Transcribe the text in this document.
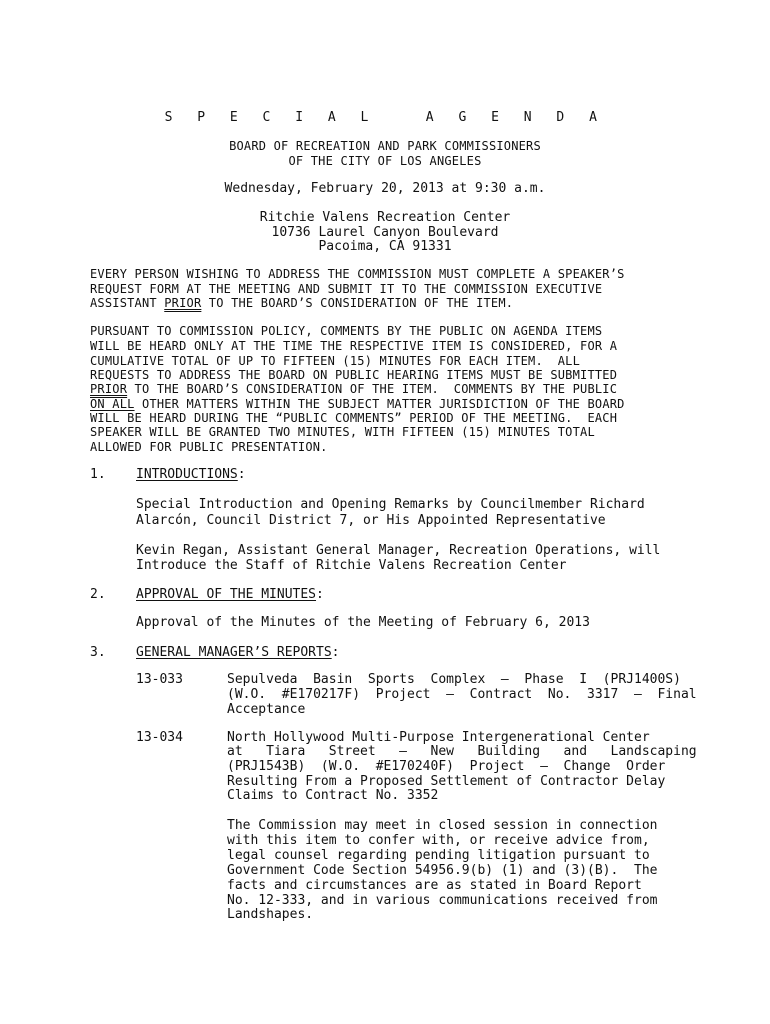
S P E C I A L   A G E N D A
BOARD OF RECREATION AND PARK COMMISSIONERS
OF THE CITY OF LOS ANGELES
Wednesday, February 20, 2013 at 9:30 a.m.
Ritchie Valens Recreation Center
10736 Laurel Canyon Boulevard
Pacoima, CA 91331
EVERY PERSON WISHING TO ADDRESS THE COMMISSION MUST COMPLETE A SPEAKER’S
REQUEST FORM AT THE MEETING AND SUBMIT IT TO THE COMMISSION EXECUTIVE
ASSISTANT PRIOR TO THE BOARD’S CONSIDERATION OF THE ITEM.
PURSUANT TO COMMISSION POLICY, COMMENTS BY THE PUBLIC ON AGENDA ITEMS
WILL BE HEARD ONLY AT THE TIME THE RESPECTIVE ITEM IS CONSIDERED, FOR A
CUMULATIVE TOTAL OF UP TO FIFTEEN (15) MINUTES FOR EACH ITEM.  ALL
REQUESTS TO ADDRESS THE BOARD ON PUBLIC HEARING ITEMS MUST BE SUBMITTED
PRIOR TO THE BOARD’S CONSIDERATION OF THE ITEM.  COMMENTS BY THE PUBLIC
ON ALL OTHER MATTERS WITHIN THE SUBJECT MATTER JURISDICTION OF THE BOARD
WILL BE HEARD DURING THE “PUBLIC COMMENTS” PERIOD OF THE MEETING.  EACH
SPEAKER WILL BE GRANTED TWO MINUTES, WITH FIFTEEN (15) MINUTES TOTAL
ALLOWED FOR PUBLIC PRESENTATION.
1. INTRODUCTIONS:
Special Introduction and Opening Remarks by Councilmember Richard
Alarcón, Council District 7, or His Appointed Representative
Kevin Regan, Assistant General Manager, Recreation Operations, will
Introduce the Staff of Ritchie Valens Recreation Center
2. APPROVAL OF THE MINUTES:
Approval of the Minutes of the Meeting of February 6, 2013
3. GENERAL MANAGER’S REPORTS:
13-033	Sepulveda  Basin  Sports  Complex  –  Phase  I  (PRJ1400S)
(W.O.  #E170217F)  Project  –  Contract  No.  3317  –  Final
Acceptance
13-034	North Hollywood Multi-Purpose Intergenerational Center
at   Tiara   Street   –   New   Building   and   Landscaping
(PRJ1543B)  (W.O.  #E170240F)  Project  –  Change  Order
Resulting From a Proposed Settlement of Contractor Delay
Claims to Contract No. 3352
The Commission may meet in closed session in connection
with this item to confer with, or receive advice from,
legal counsel regarding pending litigation pursuant to
Government Code Section 54956.9(b) (1) and (3)(B).  The
facts and circumstances are as stated in Board Report
No. 12-333, and in various communications received from
Landshapes.
